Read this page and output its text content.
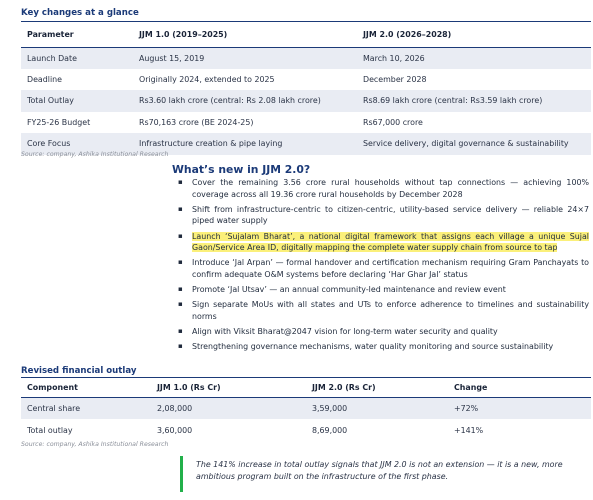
Key changes at a glance
Parameter	JJM 1.0 (2019–2025)	JJM 2.0 (2026–2028)
Launch Date	August 15, 2019	March 10, 2026
Deadline	Originally 2024, extended to 2025	December 2028
Total Outlay	Rs3.60 lakh crore (central: Rs 2.08 lakh crore)	Rs8.69 lakh crore (central: Rs3.59 lakh crore)
FY25-26 Budget	Rs70,163 crore (BE 2024-25)	Rs67,000 crore
Core Focus	Infrastructure creation & pipe laying	Service delivery, digital governance & sustainability
Source: company, Ashika Institutional Research
What’s new in JJM 2.0?
▪ Cover the remaining 3.56 crore rural households without tap connections — achieving 100% coverage across all 19.36 crore rural households by December 2028
▪ Shift from infrastructure-centric to citizen-centric, utility-based service delivery — reliable 24×7 piped water supply
▪ Launch ‘Sujalam Bharat’, a national digital framework that assigns each village a unique Sujal Gaon/Service Area ID, digitally mapping the complete water supply chain from source to tap
▪ Introduce ‘Jal Arpan’ — formal handover and certification mechanism requiring Gram Panchayats to confirm adequate O&M systems before declaring ‘Har Ghar Jal’ status
▪ Promote ‘Jal Utsav’ — an annual community-led maintenance and review event
▪ Sign separate MoUs with all states and UTs to enforce adherence to timelines and sustainability norms
▪ Align with Viksit Bharat@2047 vision for long-term water security and quality
▪ Strengthening governance mechanisms, water quality monitoring and source sustainability
Revised financial outlay
Component	JJM 1.0 (Rs Cr)	JJM 2.0 (Rs Cr)	Change
Central share	2,08,000	3,59,000	+72%
Total outlay	3,60,000	8,69,000	+141%
Source: company, Ashika Institutional Research
The 141% increase in total outlay signals that JJM 2.0 is not an extension — it is a new, more ambitious program built on the infrastructure of the first phase.
